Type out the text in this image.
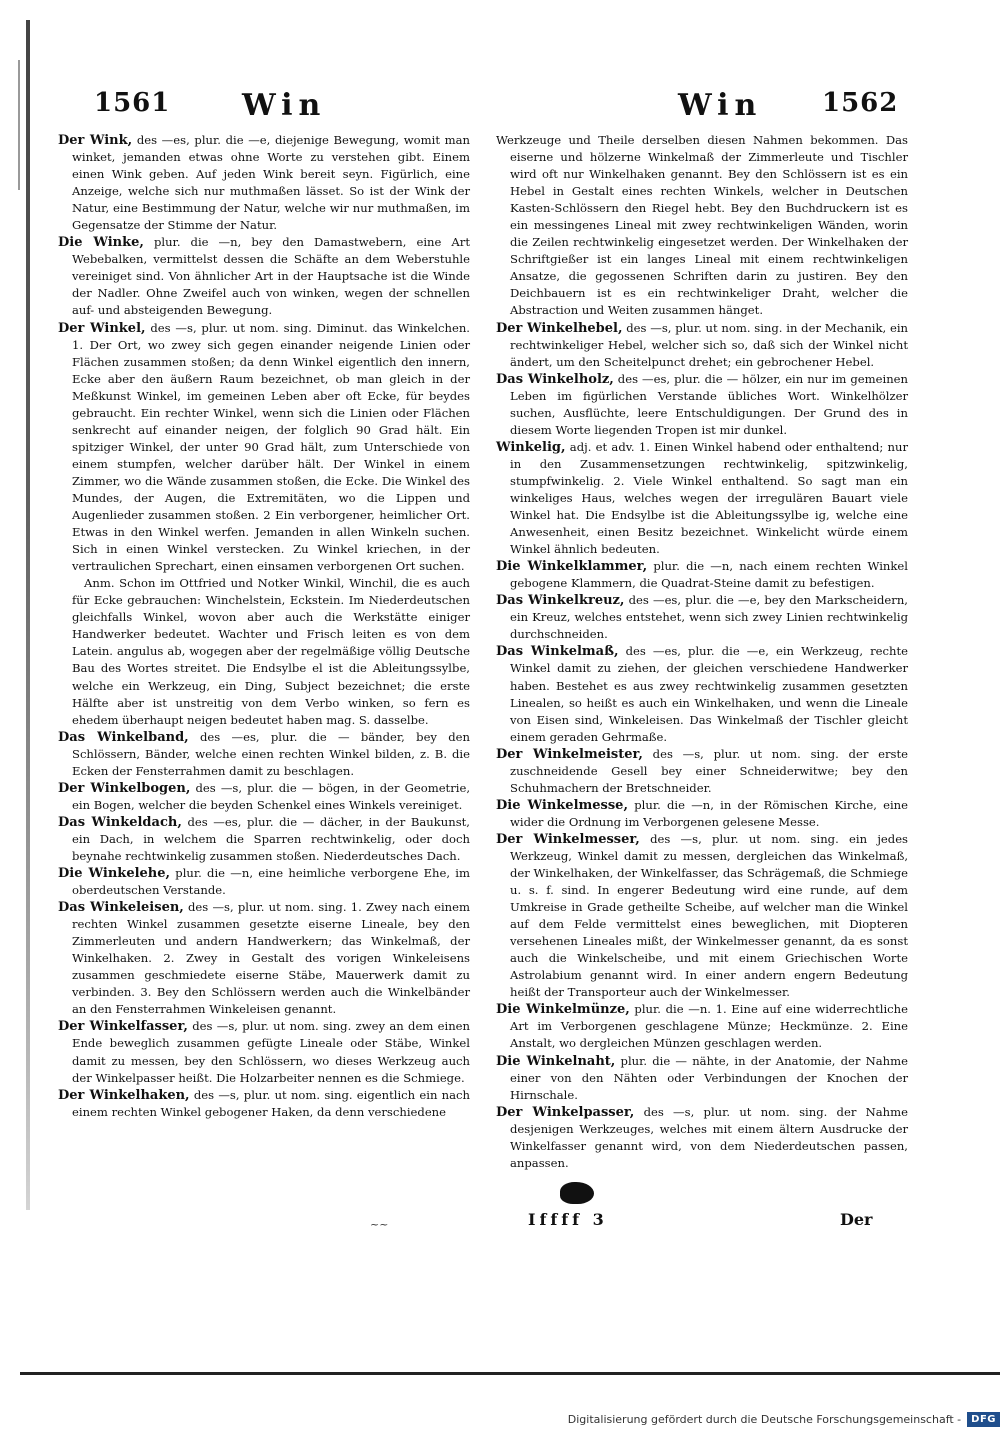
1561 Win	Win 1562

Der Wink, des —es, plur. die —e, diejenige Bewegung, womit man winket, jemanden etwas ohne Worte zu verstehen gibt. Einem einen Wink geben. Auf jeden Wink bereit seyn. Figürlich, eine Anzeige, welche sich nur muthmaßen lässet. So ist der Wink der Natur, eine Bestimmung der Natur, welche wir nur muthmaßen, im Gegensatze der Stimme der Natur.

Die Winke, plur. die —n, bey den Damastwebern, eine Art Webebalken, vermittelst dessen die Schäfte an dem Weberstuhle vereiniget sind. Von ähnlicher Art in der Hauptsache ist die Winde der Nadler. Ohne Zweifel auch von winken, wegen der schnellen auf- und absteigenden Bewegung.

Der Winkel, des —s, plur. ut nom. sing. Diminut. das Winkelchen. 1. Der Ort, wo zwey sich gegen einander neigende Linien oder Flächen zusammen stoßen; da denn Winkel eigentlich den innern, Ecke aber den äußern Raum bezeichnet, ob man gleich in der Meßkunst Winkel, im gemeinen Leben aber oft Ecke, für beydes gebraucht. Ein rechter Winkel, wenn sich die Linien oder Flächen senkrecht auf einander neigen, der folglich 90 Grad hält. Ein spitziger Winkel, der unter 90 Grad hält, zum Unterschiede von einem stumpfen, welcher darüber hält. Der Winkel in einem Zimmer, wo die Wände zusammen stoßen, die Ecke. Die Winkel des Mundes, der Augen, die Extremitäten, wo die Lippen und Augenlieder zusammen stoßen. 2 Ein verborgener, heimlicher Ort. Etwas in den Winkel werfen. Jemanden in allen Winkeln suchen. Sich in einen Winkel verstecken. Zu Winkel kriechen, in der vertraulichen Sprechart, einen einsamen verborgenen Ort suchen.

Anm. Schon im Ottfried und Notker Winkil, Winchil, die es auch für Ecke gebrauchen: Winchelstein, Eckstein. Im Niederdeutschen gleichfalls Winkel, wovon aber auch die Werkstätte einiger Handwerker bedeutet. Wachter und Frisch leiten es von dem Latein. angulus ab, wogegen aber der regelmäßige völlig Deutsche Bau des Wortes streitet. Die Endsylbe el ist die Ableitungssylbe, welche ein Werkzeug, ein Ding, Subject bezeichnet; die erste Hälfte aber ist unstreitig von dem Verbo winken, so fern es ehedem überhaupt neigen bedeutet haben mag. S. dasselbe.

Das Winkelband, des —es, plur. die — bänder, bey den Schlössern, Bänder, welche einen rechten Winkel bilden, z. B. die Ecken der Fensterrahmen damit zu beschlagen.

Der Winkelbogen, des —s, plur. die — bögen, in der Geometrie, ein Bogen, welcher die beyden Schenkel eines Winkels vereiniget.

Das Winkeldach, des —es, plur. die — dächer, in der Baukunst, ein Dach, in welchem die Sparren rechtwinkelig, oder doch beynahe rechtwinkelig zusammen stoßen. Niederdeutsches Dach.

Die Winkelehe, plur. die —n, eine heimliche verborgene Ehe, im oberdeutschen Verstande.

Das Winkeleisen, des —s, plur. ut nom. sing. 1. Zwey nach einem rechten Winkel zusammen gesetzte eiserne Lineale, bey den Zimmerleuten und andern Handwerkern; das Winkelmaß, der Winkelhaken. 2. Zwey in Gestalt des vorigen Winkeleisens zusammen geschmiedete eiserne Stäbe, Mauerwerk damit zu verbinden. 3. Bey den Schlössern werden auch die Winkelbänder an den Fensterrahmen Winkeleisen genannt.

Der Winkelfasser, des —s, plur. ut nom. sing. zwey an dem einen Ende beweglich zusammen gefügte Lineale oder Stäbe, Winkel damit zu messen, bey den Schlössern, wo dieses Werkzeug auch der Winkelpasser heißt. Die Holzarbeiter nennen es die Schmiege.

Der Winkelhaken, des —s, plur. ut nom. sing. eigentlich ein nach einem rechten Winkel gebogener Haken, da denn verschiedene

Werkzeuge und Theile derselben diesen Nahmen bekommen. Das eiserne und hölzerne Winkelmaß der Zimmerleute und Tischler wird oft nur Winkelhaken genannt. Bey den Schlössern ist es ein Hebel in Gestalt eines rechten Winkels, welcher in Deutschen Kasten-Schlössern den Riegel hebt. Bey den Buchdruckern ist es ein messingenes Lineal mit zwey rechtwinkeligen Wänden, worin die Zeilen rechtwinkelig eingesetzet werden. Der Winkelhaken der Schriftgießer ist ein langes Lineal mit einem rechtwinkeligen Ansatze, die gegossenen Schriften darin zu justiren. Bey den Deichbauern ist es ein rechtwinkeliger Draht, welcher die Abstraction und Weiten zusammen hänget.

Der Winkelhebel, des —s, plur. ut nom. sing. in der Mechanik, ein rechtwinkeliger Hebel, welcher sich so, daß sich der Winkel nicht ändert, um den Scheitelpunct drehet; ein gebrochener Hebel.

Das Winkelholz, des —es, plur. die — hölzer, ein nur im gemeinen Leben im figürlichen Verstande übliches Wort. Winkelhölzer suchen, Ausflüchte, leere Entschuldigungen. Der Grund des in diesem Worte liegenden Tropen ist mir dunkel.

Winkelig, adj. et adv. 1. Einen Winkel habend oder enthaltend; nur in den Zusammensetzungen rechtwinkelig, spitzwinkelig, stumpfwinkelig. 2. Viele Winkel enthaltend. So sagt man ein winkeliges Haus, welches wegen der irregulären Bauart viele Winkel hat. Die Endsylbe ist die Ableitungssylbe ig, welche eine Anwesenheit, einen Besitz bezeichnet. Winkelicht würde einem Winkel ähnlich bedeuten.

Die Winkelklammer, plur. die —n, nach einem rechten Winkel gebogene Klammern, die Quadrat-Steine damit zu befestigen.

Das Winkelkreuz, des —es, plur. die —e, bey den Markscheidern, ein Kreuz, welches entstehet, wenn sich zwey Linien rechtwinkelig durchschneiden.

Das Winkelmaß, des —es, plur. die —e, ein Werkzeug, rechte Winkel damit zu ziehen, der gleichen verschiedene Handwerker haben. Bestehet es aus zwey rechtwinkelig zusammen gesetzten Linealen, so heißt es auch ein Winkelhaken, und wenn die Lineale von Eisen sind, Winkeleisen. Das Winkelmaß der Tischler gleicht einem geraden Gehrmaße.

Der Winkelmeister, des —s, plur. ut nom. sing. der erste zuschneidende Gesell bey einer Schneiderwitwe; bey den Schuhmachern der Bretschneider.

Die Winkelmesse, plur. die —n, in der Römischen Kirche, eine wider die Ordnung im Verborgenen gelesene Messe.

Der Winkelmesser, des —s, plur. ut nom. sing. ein jedes Werkzeug, Winkel damit zu messen, dergleichen das Winkelmaß, der Winkelhaken, der Winkelfasser, das Schrägemaß, die Schmiege u. s. f. sind. In engerer Bedeutung wird eine runde, auf dem Umkreise in Grade getheilte Scheibe, auf welcher man die Winkel auf dem Felde vermittelst eines beweglichen, mit Diopteren versehenen Lineales mißt, der Winkelmesser genannt, da es sonst auch die Winkelscheibe, und mit einem Griechischen Worte Astrolabium genannt wird. In einer andern engern Bedeutung heißt der Transporteur auch der Winkelmesser.

Die Winkelmünze, plur. die —n. 1. Eine auf eine widerrechtliche Art im Verborgenen geschlagene Münze; Heckmünze. 2. Eine Anstalt, wo dergleichen Münzen geschlagen werden.

Die Winkelnaht, plur. die — nähte, in der Anatomie, der Nahme einer von den Nähten oder Verbindungen der Knochen der Hirnschale.

Der Winkelpasser, des —s, plur. ut nom. sing. der Nahme desjenigen Werkzeuges, welches mit einem ältern Ausdrucke der Winkelfasser genannt wird, von dem Niederdeutschen passen, anpassen.

~~	Iffff 3	Der
Digitalisierung gefördert durch die Deutsche Forschungsgemeinschaft -	DFG
